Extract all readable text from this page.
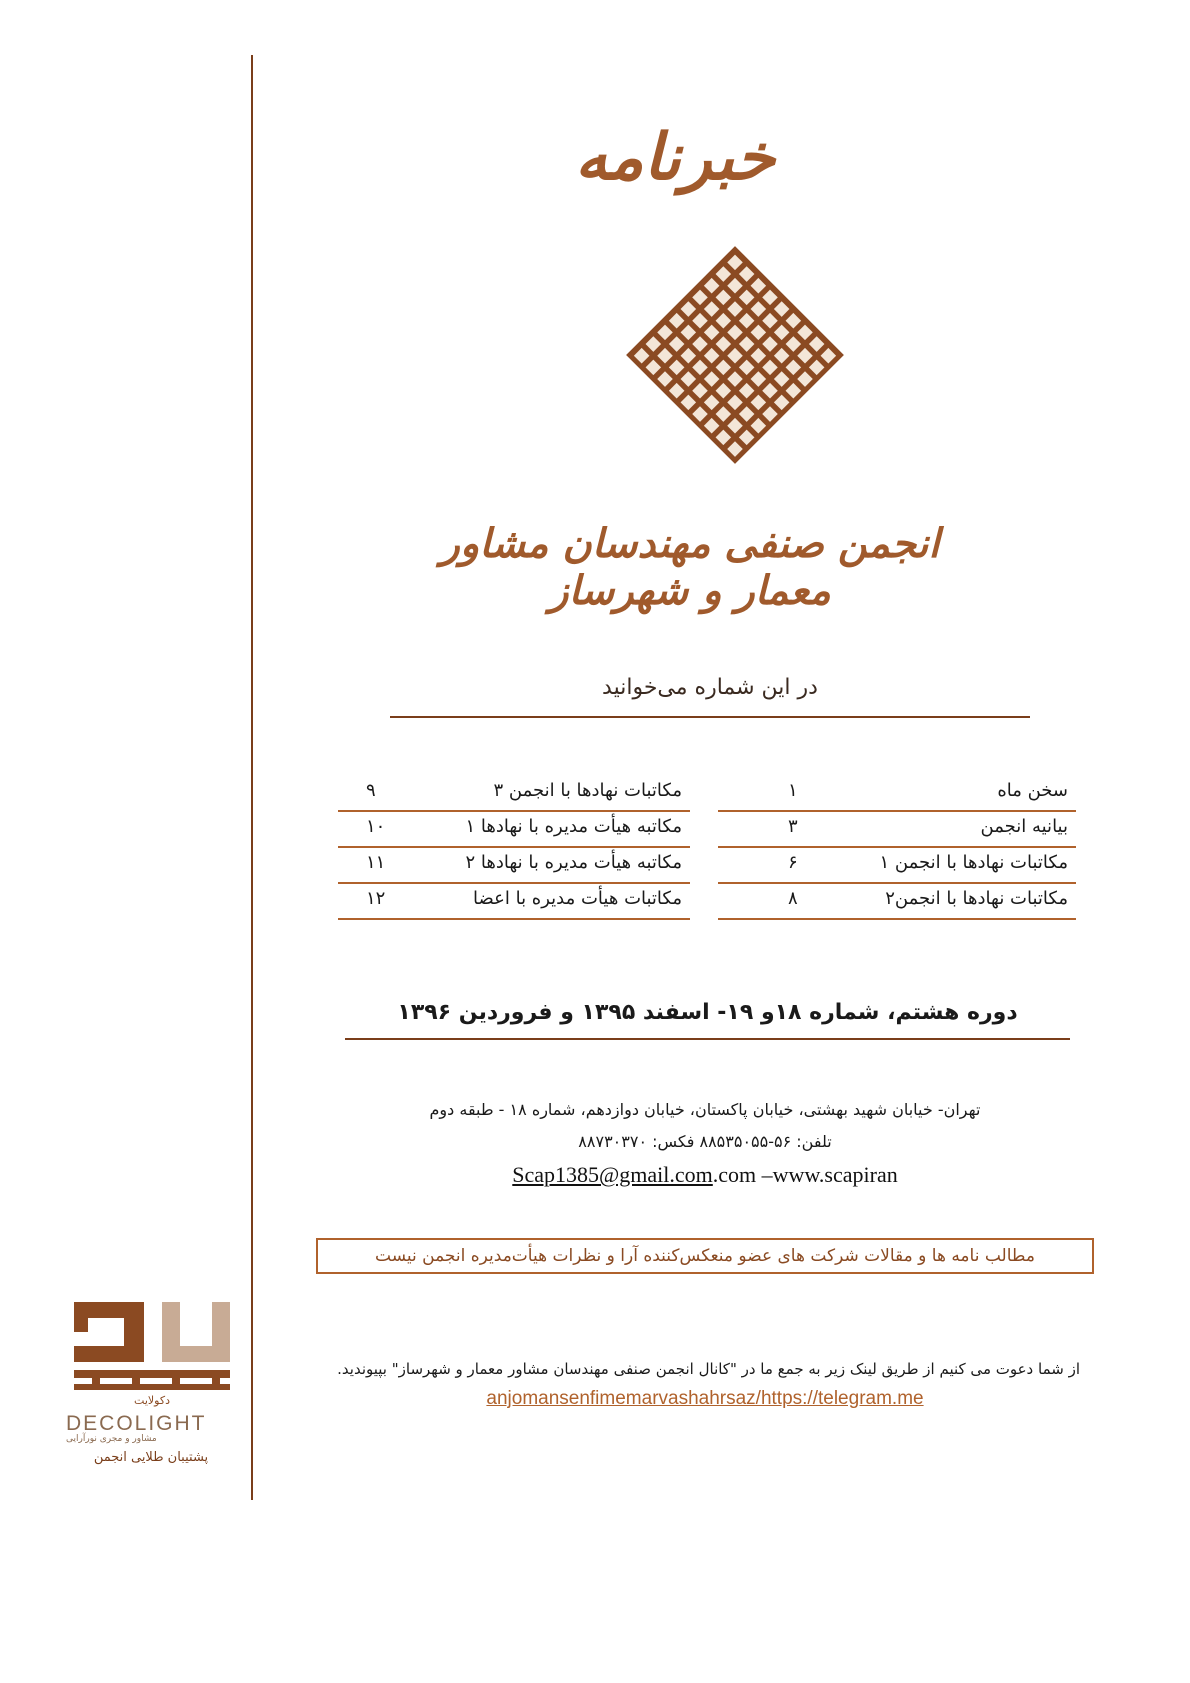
خبرنامه
انجمن صنفی مهندسان مشاور معمار و شهرساز
در این شماره می‌خوانید
سخن ماه
۱
بیانیه انجمن
۳
مکاتبات نهادها با انجمن ۱
۶
مکاتبات نهادها با انجمن۲
۸
مکاتبات نهادها با انجمن ۳
۹
مکاتبه هیأت مدیره با نهادها ۱
۱۰
مکاتبه هیأت مدیره با نهادها ۲
۱۱
مکاتبات هیأت مدیره با اعضا
۱۲
دوره هشتم، شماره ۱۸و ۱۹- اسفند ۱۳۹۵ و فروردین ۱۳۹۶
تهران- خیابان شهید بهشتی، خیابان پاکستان، خیابان دوازدهم، شماره ۱۸ - طبقه دوم
تلفن: ۵۶-۸۸۵۳۵۰۵۵ فکس: ۸۸۷۳۰۳۷۰
Scap1385@gmail.com.com –www.scapiran
مطالب نامه ها و مقالات شرکت های عضو منعکس‌کننده آرا و نظرات هیأت‌مدیره انجمن نیست
از شما دعوت می کنیم از طریق لینک زیر به جمع ما در "کانال انجمن صنفی مهندسان مشاور معمار و شهرساز" بپیوندید.
anjomansenfimemarvashahrsaz/https://telegram.me
دکولایت
DECOLIGHT
مشاور و مجری نورآرایی
پشتیبان طلایی انجمن
